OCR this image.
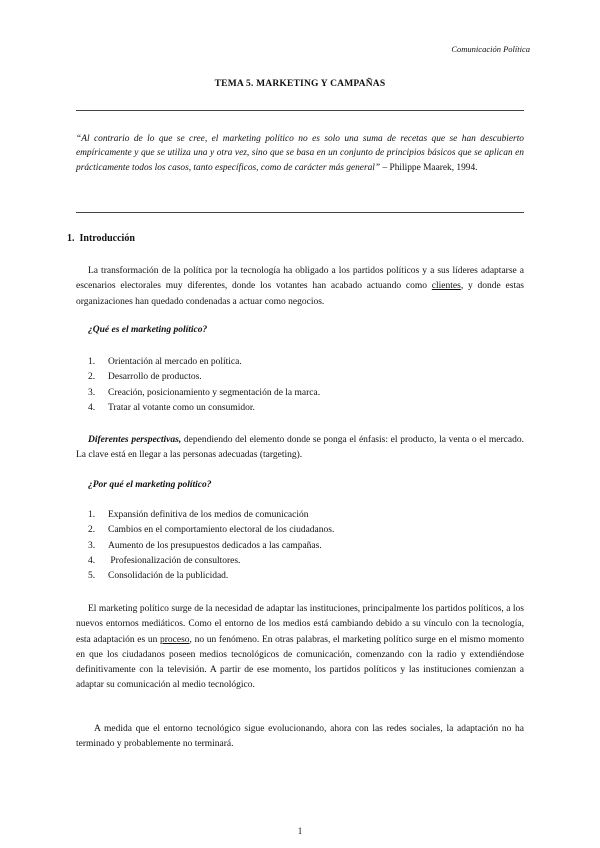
Comunicación Política
TEMA 5. MARKETING Y CAMPAÑAS
“Al contrario de lo que se cree, el marketing político no es solo una suma de recetas que se han descubierto empíricamente y que se utiliza una y otra vez, sino que se basa en un conjunto de principios básicos que se aplican en prácticamente todos los casos, tanto específicos, como de carácter más general” – Philippe Maarek, 1994.
1. Introducción
La transformación de la política por la tecnología ha obligado a los partidos políticos y a sus líderes adaptarse a escenarios electorales muy diferentes, donde los votantes han acabado actuando como clientes, y donde estas organizaciones han quedado condenadas a actuar como negocios.
¿Qué es el marketing político?
1. Orientación al mercado en política.
2. Desarrollo de productos.
3. Creación, posicionamiento y segmentación de la marca.
4. Tratar al votante como un consumidor.
Diferentes perspectivas, dependiendo del elemento donde se ponga el énfasis: el producto, la venta o el mercado. La clave está en llegar a las personas adecuadas (targeting).
¿Por qué el marketing político?
1. Expansión definitiva de los medios de comunicación
2. Cambios en el comportamiento electoral de los ciudadanos.
3. Aumento de los presupuestos dedicados a las campañas.
4. Profesionalización de consultores.
5. Consolidación de la publicidad.
El marketing político surge de la necesidad de adaptar las instituciones, principalmente los partidos políticos, a los nuevos entornos mediáticos. Como el entorno de los medios está cambiando debido a su vínculo con la tecnología, esta adaptación es un proceso, no un fenómeno. En otras palabras, el marketing político surge en el mismo momento en que los ciudadanos poseen medios tecnológicos de comunicación, comenzando con la radio y extendiéndose definitivamente con la televisión. A partir de ese momento, los partidos políticos y las instituciones comienzan a adaptar su comunicación al medio tecnológico.
A medida que el entorno tecnológico sigue evolucionando, ahora con las redes sociales, la adaptación no ha terminado y probablemente no terminará.
1
